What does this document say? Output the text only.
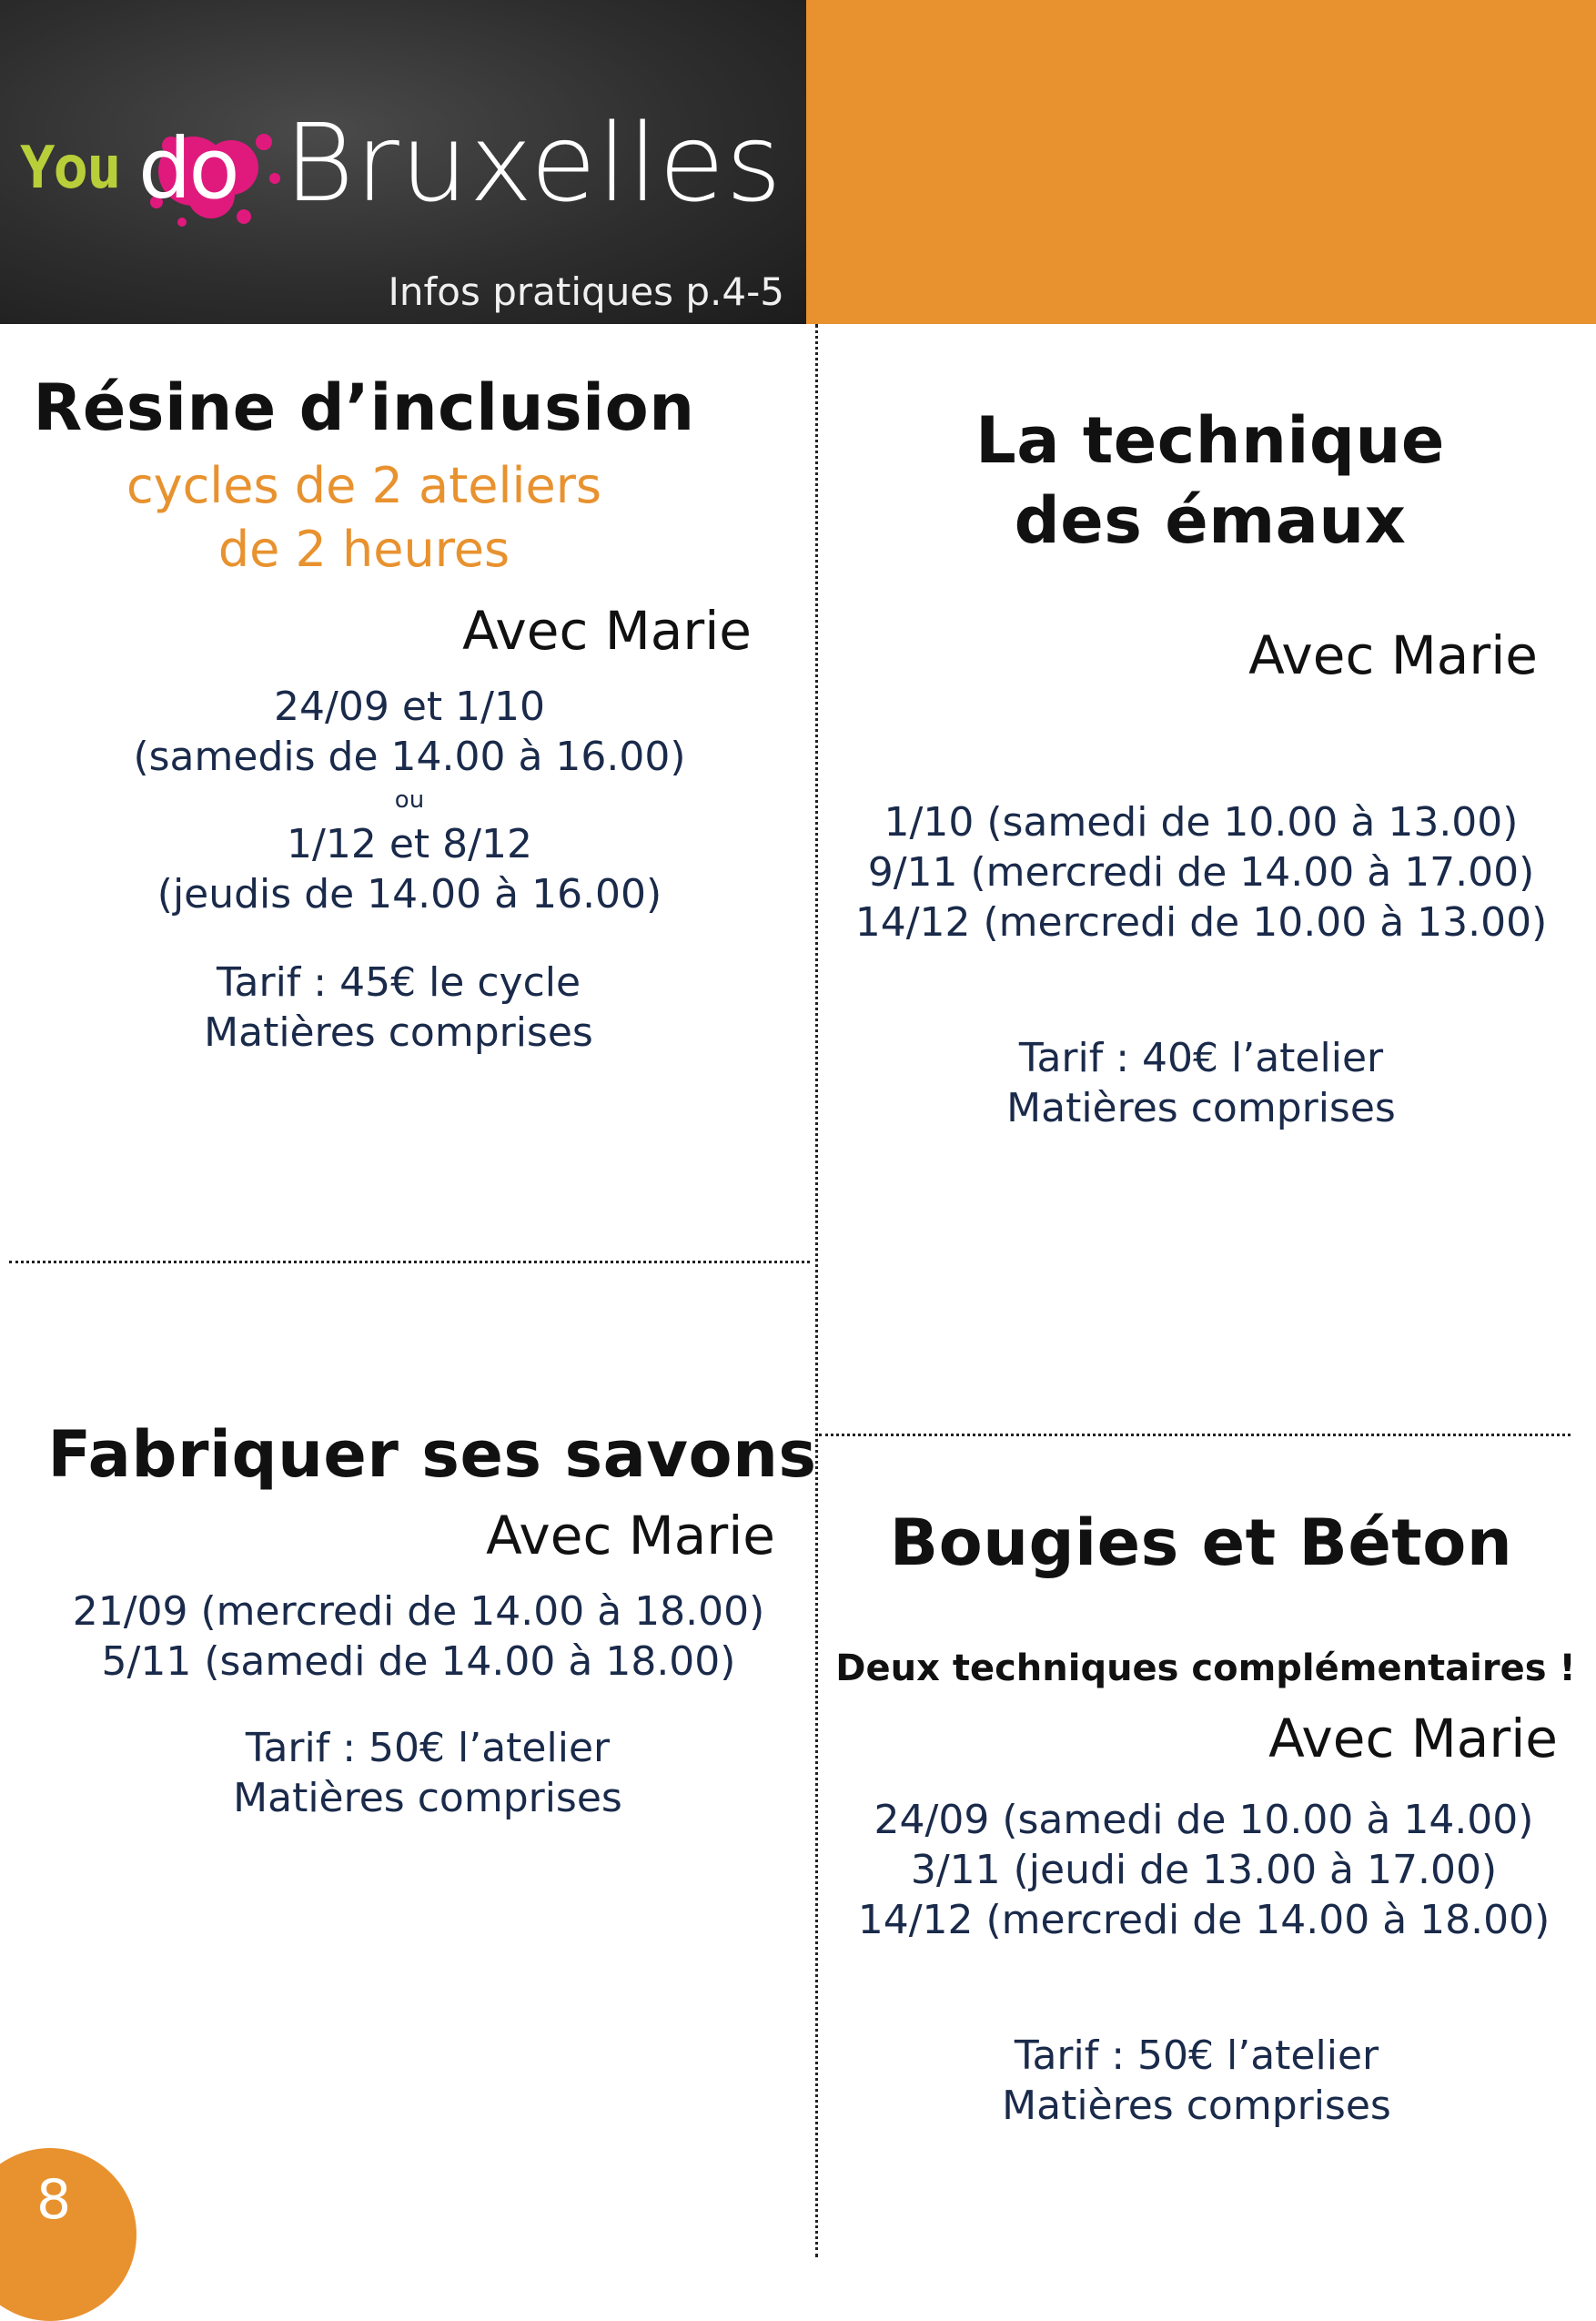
You do Bruxelles
Infos pratiques p.4-5
Résine d’inclusion
cycles de 2 ateliers
de 2 heures
Avec Marie
24/09 et 1/10
(samedis de 14.00 à 16.00)
ou
1/12 et 8/12
(jeudis de 14.00 à 16.00)
Tarif : 45€ le cycle
Matières comprises
La technique
des émaux
Avec Marie
1/10 (samedi de 10.00 à 13.00)
9/11 (mercredi de 14.00 à 17.00)
14/12 (mercredi de 10.00 à 13.00)
Tarif : 40€ l’atelier
Matières comprises
Fabriquer ses savons
Avec Marie
21/09 (mercredi de 14.00 à 18.00)
5/11 (samedi de 14.00 à 18.00)
Tarif : 50€ l’atelier
Matières comprises
Bougies et Béton
Deux techniques complémentaires !
Avec Marie
24/09 (samedi de 10.00 à 14.00)
3/11 (jeudi de 13.00 à 17.00)
14/12 (mercredi de 14.00 à 18.00)
Tarif : 50€ l’atelier
Matières comprises
8
